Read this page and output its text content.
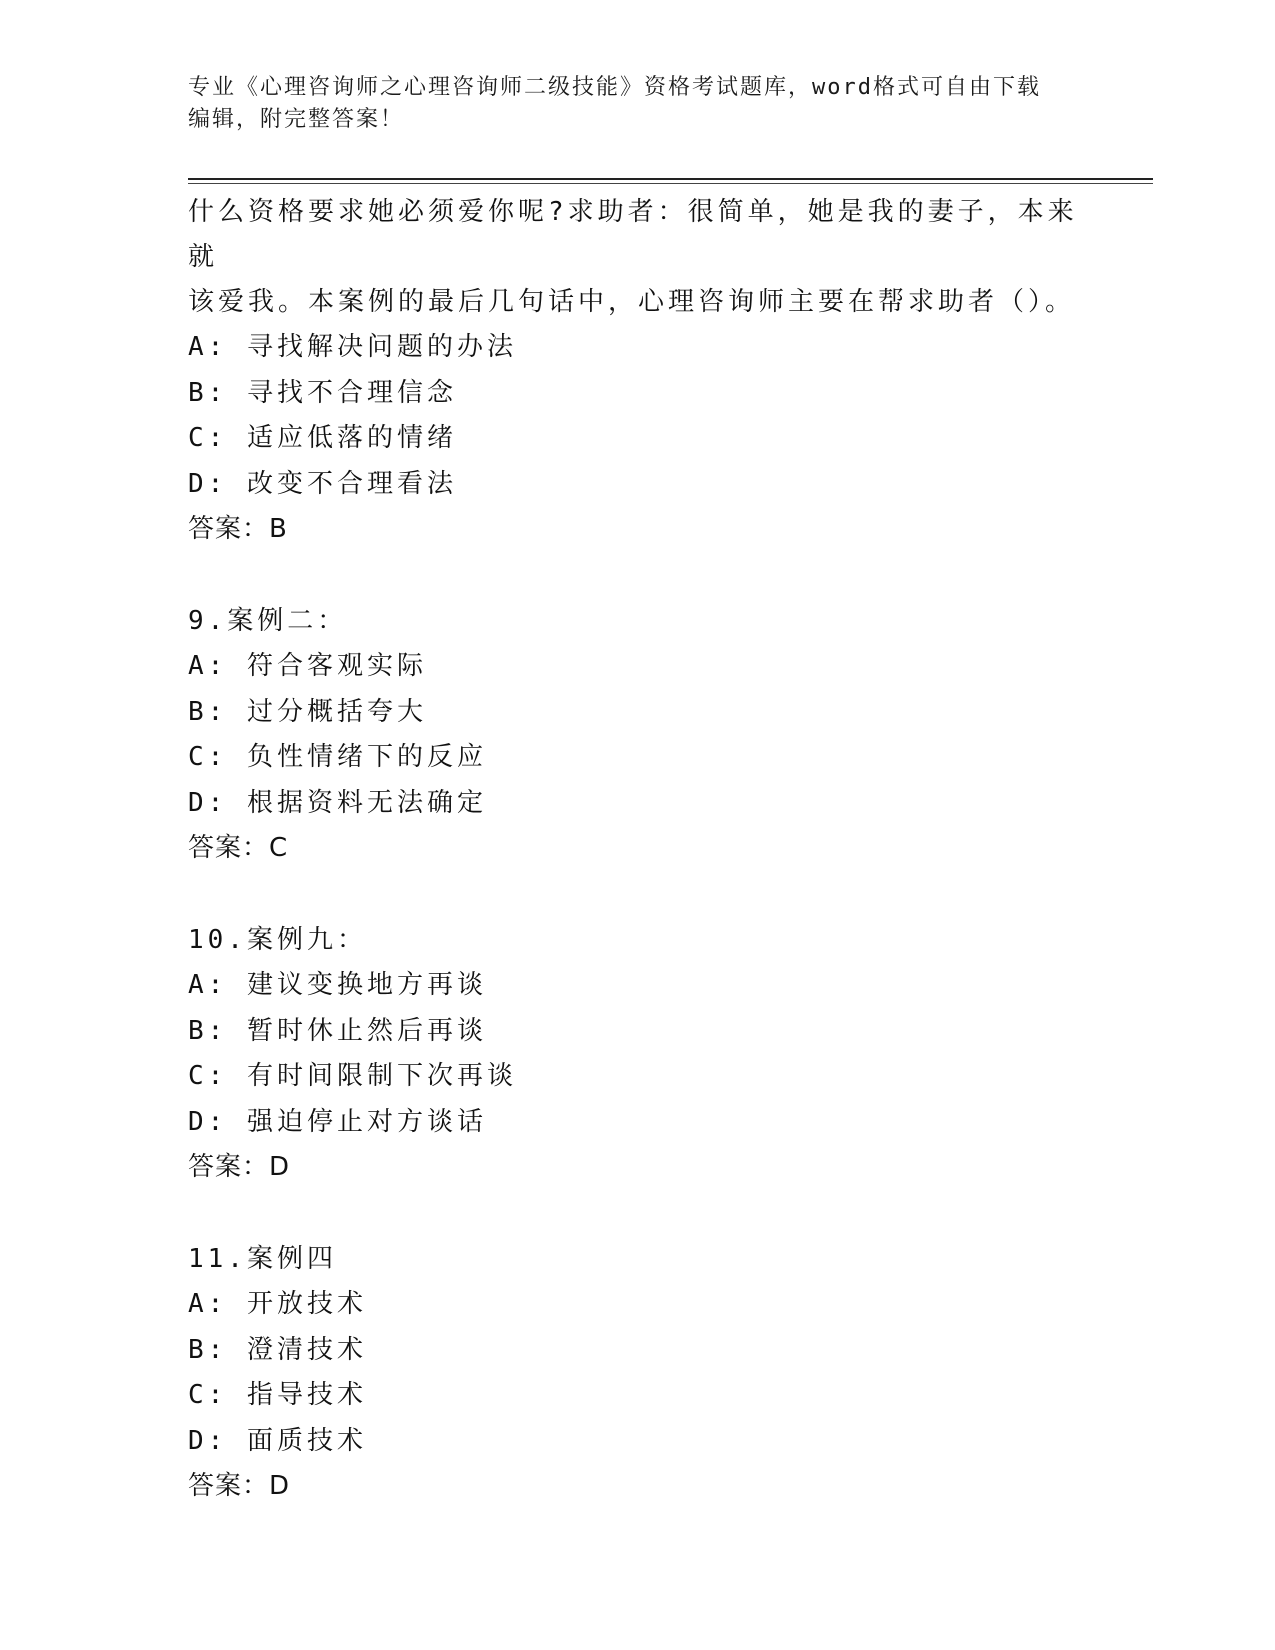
专业《心理咨询师之心理咨询师二级技能》资格考试题库，word格式可自由下载
编辑，附完整答案！
什么资格要求她必须爱你呢?求助者：很简单，她是我的妻子，本来就
该爱我。本案例的最后几句话中，心理咨询师主要在帮求助者（）。
A: 寻找解决问题的办法
B: 寻找不合理信念
C: 适应低落的情绪
D: 改变不合理看法
答案：B
9.案例二：
A: 符合客观实际
B: 过分概括夸大
C: 负性情绪下的反应
D: 根据资料无法确定
答案：C
10.案例九：
A: 建议变换地方再谈
B: 暂时休止然后再谈
C: 有时间限制下次再谈
D: 强迫停止对方谈话
答案：D
11.案例四
A: 开放技术
B: 澄清技术
C: 指导技术
D: 面质技术
答案：D
